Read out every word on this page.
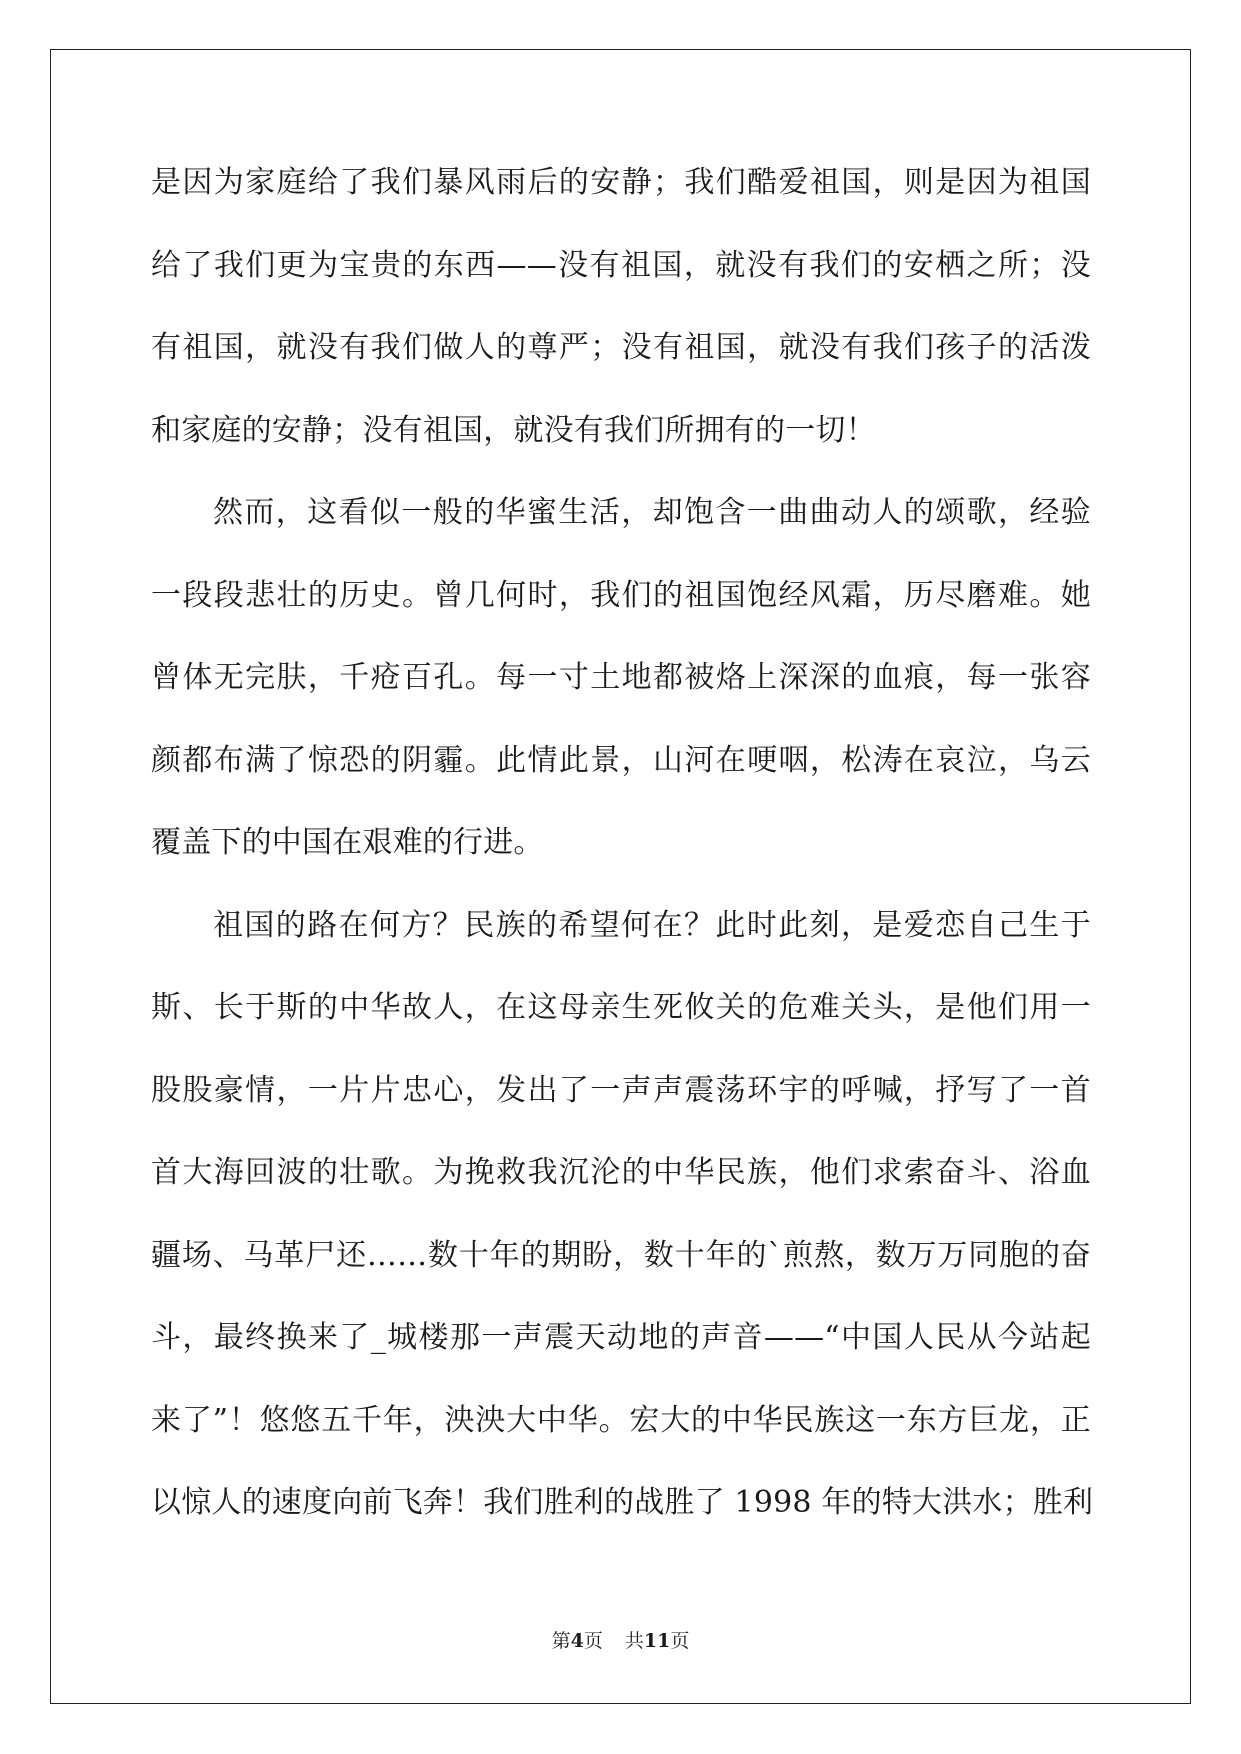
是因为家庭给了我们暴风雨后的安静；我们酷爱祖国，则是因为祖国
给了我们更为宝贵的东西——没有祖国，就没有我们的安栖之所；没
有祖国，就没有我们做人的尊严；没有祖国，就没有我们孩子的活泼
和家庭的安静；没有祖国，就没有我们所拥有的一切！
然而，这看似一般的华蜜生活，却饱含一曲曲动人的颂歌，经验
一段段悲壮的历史。曾几何时，我们的祖国饱经风霜，历尽磨难。她
曾体无完肤，千疮百孔。每一寸土地都被烙上深深的血痕，每一张容
颜都布满了惊恐的阴霾。此情此景，山河在哽咽，松涛在哀泣，乌云
覆盖下的中国在艰难的行进。
祖国的路在何方？民族的希望何在？此时此刻，是爱恋自己生于
斯、长于斯的中华故人，在这母亲生死攸关的危难关头，是他们用一
股股豪情，一片片忠心，发出了一声声震荡环宇的呼喊，抒写了一首
首大海回波的壮歌。为挽救我沉沦的中华民族，他们求索奋斗、浴血
疆场、马革尸还……数十年的期盼，数十年的`煎熬，数万万同胞的奋
斗，最终换来了_城楼那一声震天动地的声音——“中国人民从今站起
来了”！悠悠五千年，泱泱大中华。宏大的中华民族这一东方巨龙，正
以惊人的速度向前飞奔！我们胜利的战胜了 1998 年的特大洪水；胜利
第4页 共11页
